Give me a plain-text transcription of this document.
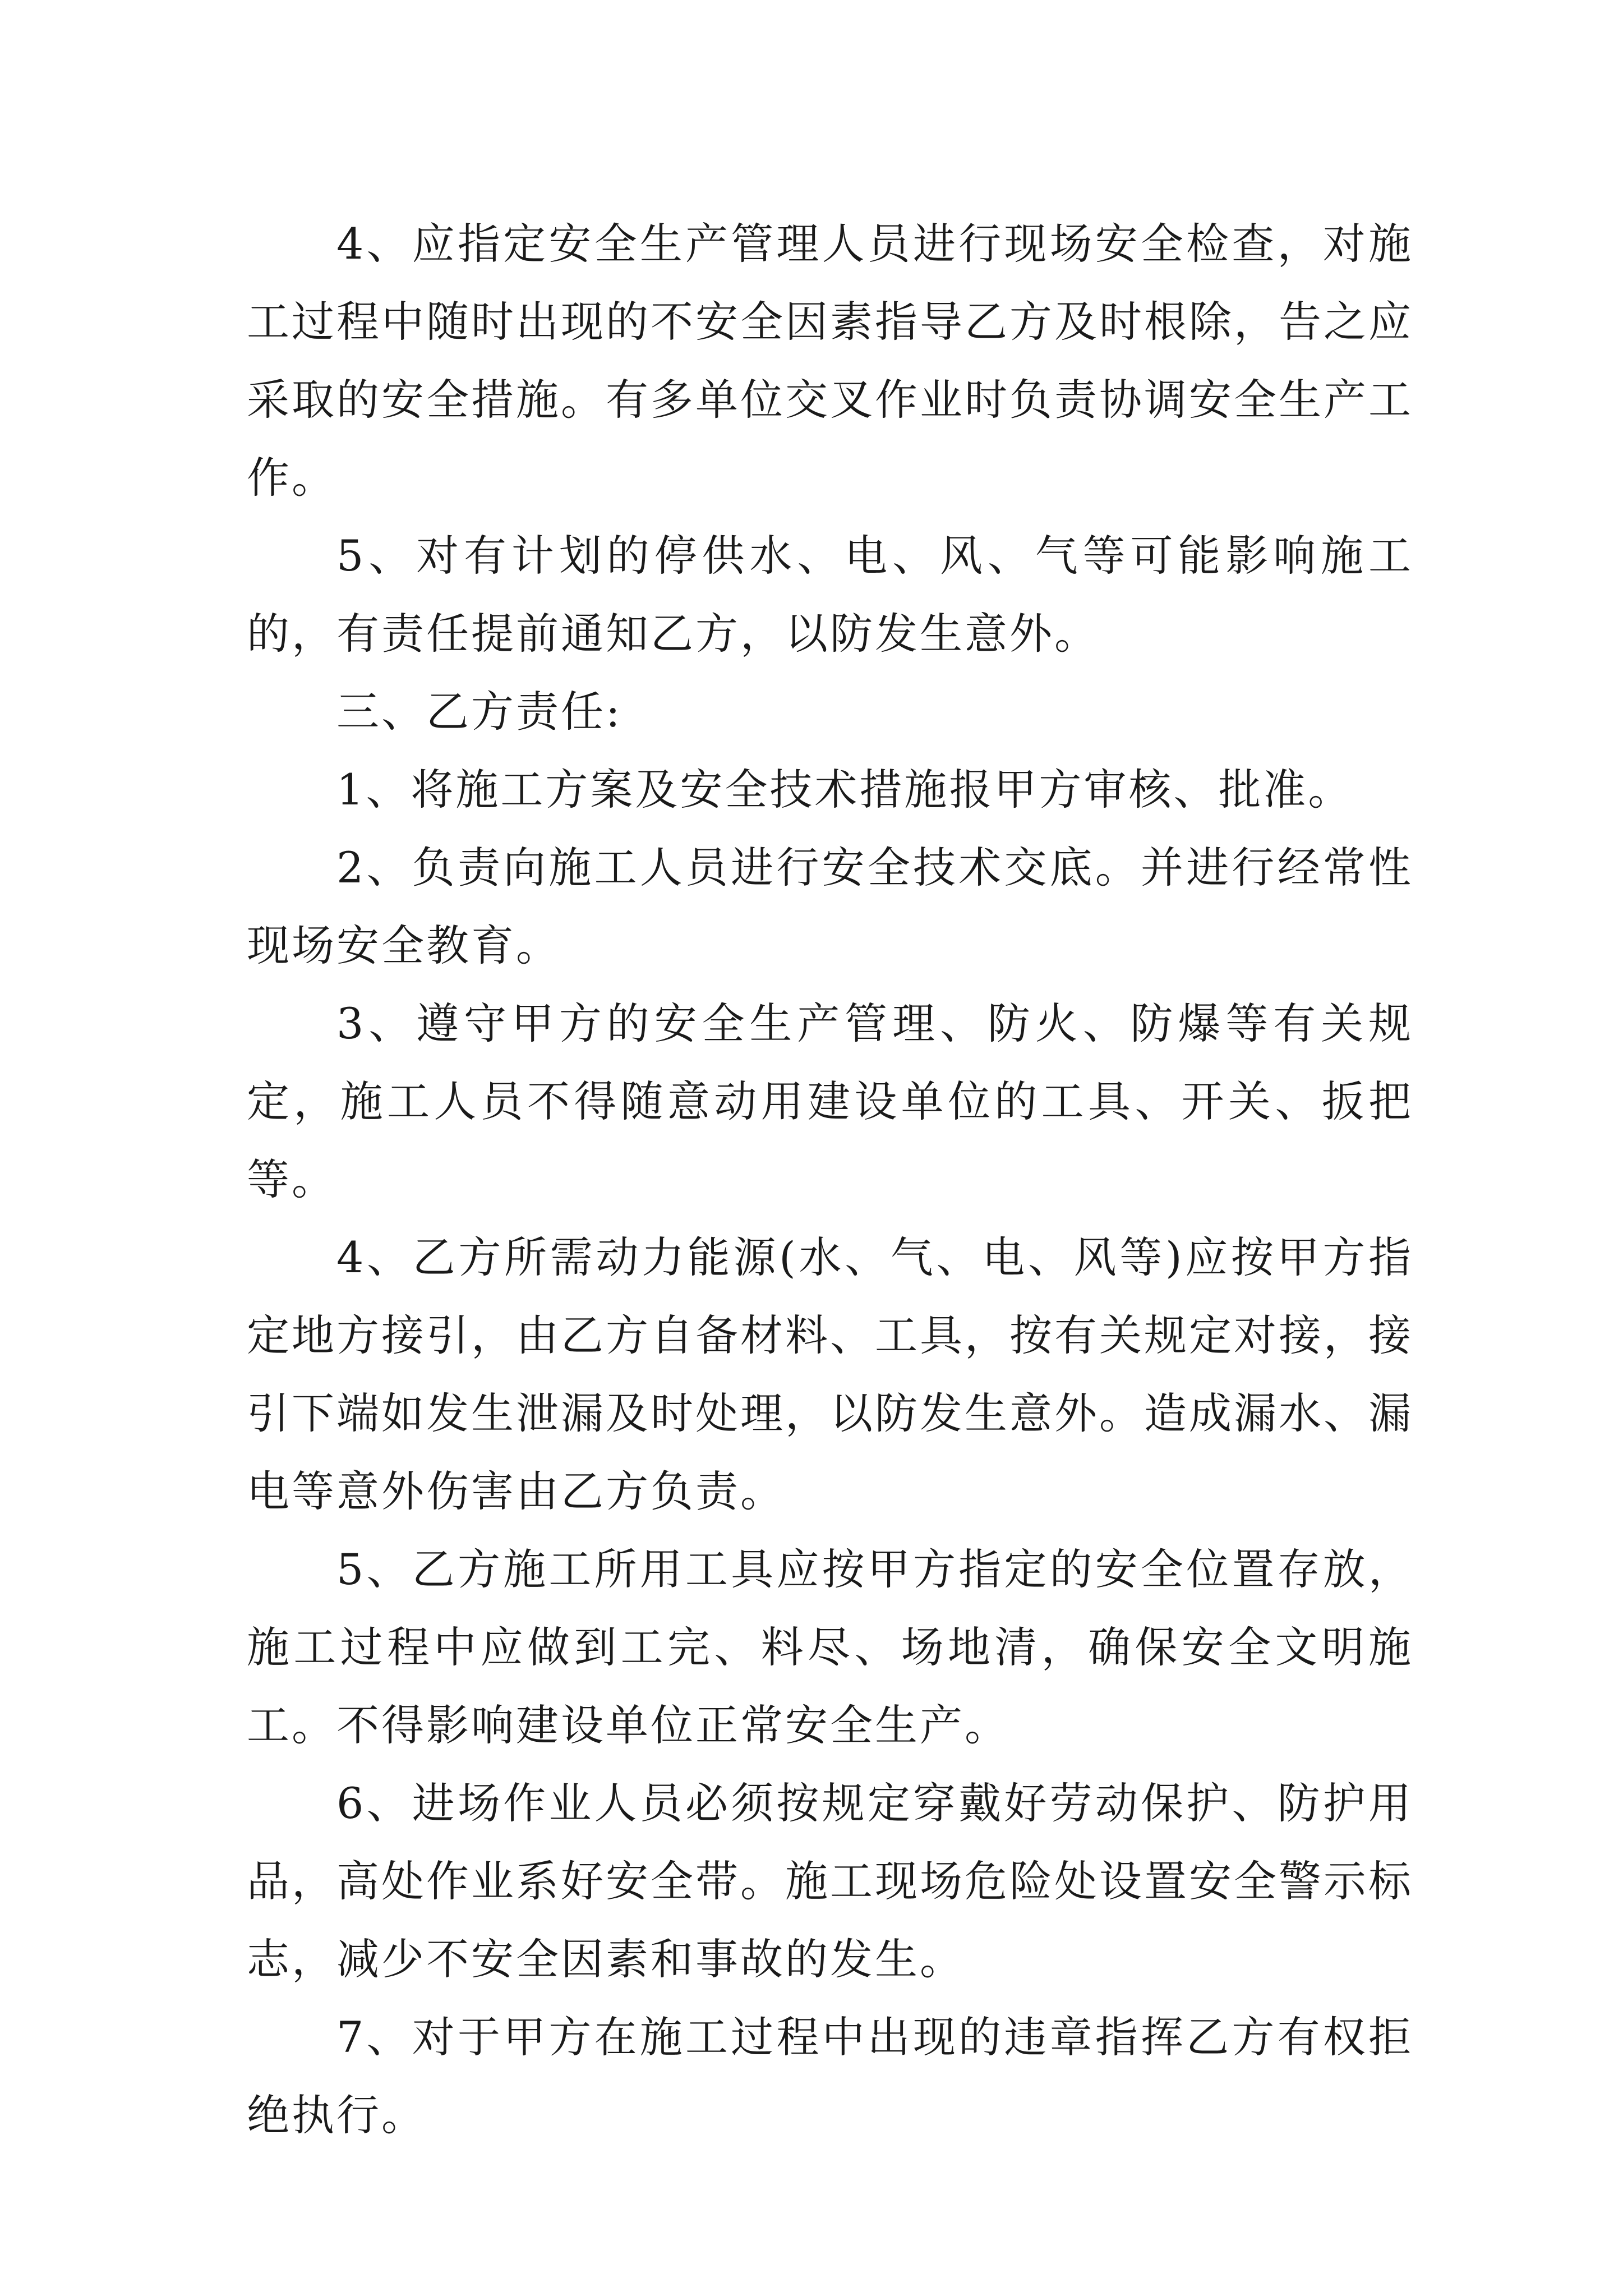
4、应指定安全生产管理人员进行现场安全检查，对施工过程中随时出现的不安全因素指导乙方及时根除，告之应采取的安全措施。有多单位交叉作业时负责协调安全生产工作。

5、对有计划的停供水、电、风、气等可能影响施工的，有责任提前通知乙方，以防发生意外。

三、乙方责任:

1、将施工方案及安全技术措施报甲方审核、批准。

2、负责向施工人员进行安全技术交底。并进行经常性现场安全教育。

3、遵守甲方的安全生产管理、防火、防爆等有关规定，施工人员不得随意动用建设单位的工具、开关、扳把等。

4、乙方所需动力能源(水、气、电、风等)应按甲方指定地方接引，由乙方自备材料、工具，按有关规定对接，接引下端如发生泄漏及时处理，以防发生意外。造成漏水、漏电等意外伤害由乙方负责。

5、乙方施工所用工具应按甲方指定的安全位置存放，施工过程中应做到工完、料尽、场地清，确保安全文明施工。不得影响建设单位正常安全生产。

6、进场作业人员必须按规定穿戴好劳动保护、防护用品，高处作业系好安全带。施工现场危险处设置安全警示标志，减少不安全因素和事故的发生。

7、对于甲方在施工过程中出现的违章指挥乙方有权拒绝执行。
